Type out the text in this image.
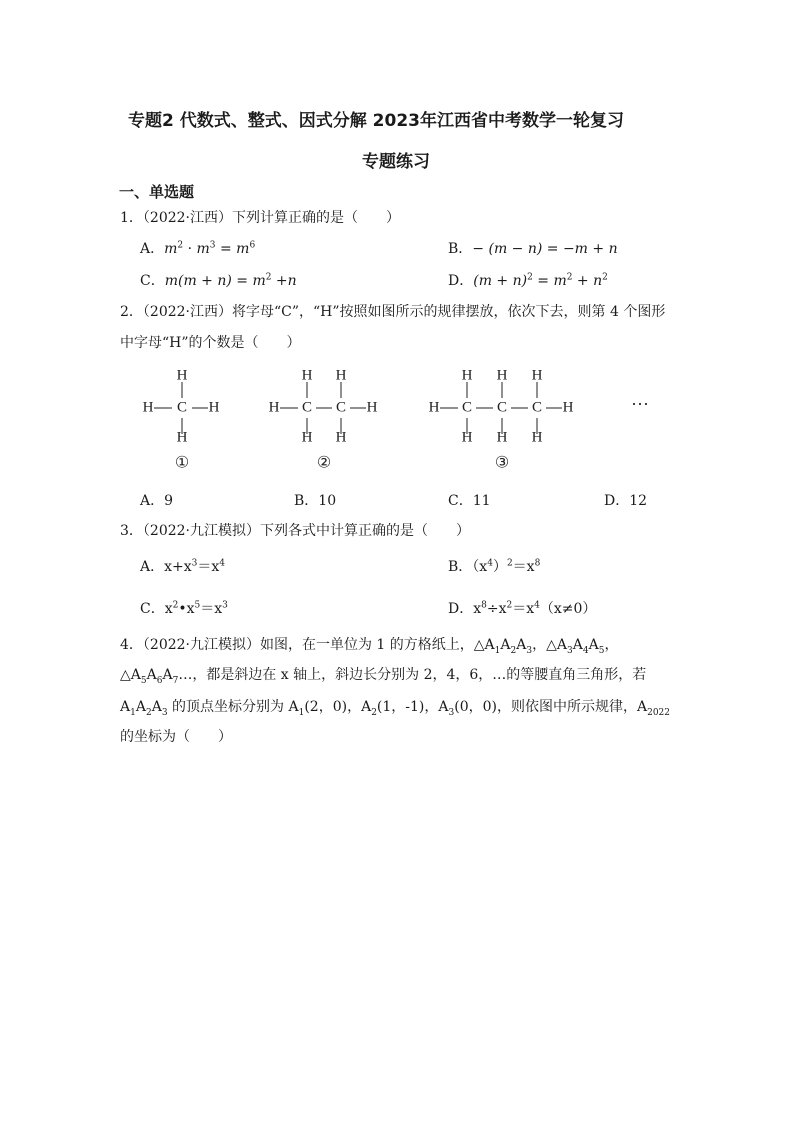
专题2 代数式、整式、因式分解 2023年江西省中考数学一轮复习
专题练习
一、单选题
1．（2022·江西）下列计算正确的是（　　）
A．$m^2 \cdot m^3 = m^6$	B．− (m − n) = −m + n
C．$m(m + n) = m^2 +n$	D．$(m + n)^2 = m^2 + n^2$
2．（2022·江西）将字母“C”，“H”按照如图所示的规律摆放，依次下去，则第 4 个图形
中字母“H”的个数是（　　）
H
H C H
H
①
H H
H C C H
H H
②
H H H
H C C C H
H H H
③
···
A．9	B．10	C．11	D．12
3．（2022·九江模拟）下列各式中计算正确的是（　　）
A．$x+x^3=x^4$	B．$(x^4)^2=x^8$
C．$x^2•x^5=x^3$	D．$x^8\div x^2=x^4(x\ne 0)$
4．（2022·九江模拟）如图，在一单位为 1 的方格纸上，$\triangle A_1A_2A_3$，$\triangle A_3A_4A_5$，
$\triangle A_5A_6A_7\dots$，都是斜边在 x 轴上，斜边长分别为 2，4，6，…的等腰直角三角形，若
$A_1A_2A_3$ 的顶点坐标分别为 $A_1(2$，0)，$A_2(1$，-1)，$A_3(0$，0)，则依图中所示规律，$A_{2022}$
的坐标为（　　）
